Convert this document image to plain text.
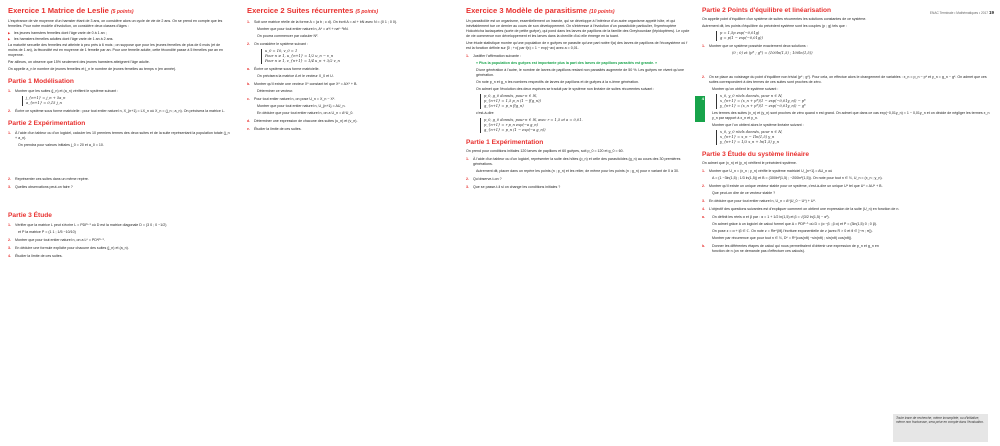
ENAC Terminale • Mathématiques • 2017 19
Exercice 1 Matrice de Leslie (5 points)

L'espérance de vie moyenne d'un hamster étant de 3 ans, on considère alors un cycle de vie de 2 ans. On se prend en compte que les femelles. Pour notre modèle d'évolution, on considère deux classes d'âges :

▶ les jeunes hamsters femelles dont l'âge varie de 0 à 1 an ;

▶ les hamsters femelles adultes dont l'âge varie de 1 an à 2 ans.

La maturité sexuelle des femelles est atteinte à peu près à 6 mois ; on suppose que pour les jeunes femelles de plus de 6 mois (et de moins de 1 an), la fécondité est en moyenne de 1 femelle par an. Pour une femelle adulte, cette fécondité passe à 5 femelles par an en moyenne.

Par ailleurs, on observe que 15% seulement des jeunes hamsters atteignent l'âge adulte.

On appelle a_n le nombre de jeunes femelles et j_n le nombre de jeunes femelles au temps n (en année).

Partie 1 Modélisation
1. Montrer que les suites (j_n) et (a_n) vérifient le système suivant :
j_{n+1} = j_n + 5a_n
a_{n+1} = 0,15 j_n
2. Écrire ce système sous forme matricielle : pour tout entier naturel n, X_{n+1} = LX_n où X_n = (j_n ; a_n). On précisera la matrice L.
Partie 2 Expérimentation
1. À l'aide d'un tableur ou d'un logiciel, calculer les 10 premiers termes des deux suites et de la suite représentant la population totale (j_n + a_n).

On prendra pour valeurs initiales j_0 = 20 et a_0 = 10.

2. Représenter ces suites dans un même repère.
3. Quelles observations peut-on faire ?
Partie 3 Étude
1. Vérifier que la matrice L peut s'écrire L = PDP⁻¹ où D est la matrice diagonale D = (3 0 ; 0 −1/2)

et P la matrice P = (1 1 ; 1/5 −10/10)

2. Montrer que pour tout entier naturel n, on a Lⁿ = PDⁿP⁻¹.
3. En déduire une formule explicite pour chacune des suites (j_n) et (a_n).
4. Étudier la limite de ces suites.
Exercice 2 Suites récurrentes (5 points)
1. Soit une matrice réelle de la forme A = (a b ; c d). On écrit A = aI + bN avec N = (0 1 ; 0 0).

Montrer que pour tout entier naturel n, Aⁿ = aⁿI + naⁿ⁻¹bN.

On pourra commencer par calculer N².

2. On considère le système suivant :
u_0 = 10, v_0 = 1
Pour n ≥ 1, u_{n+1} = 1/2 u_n − v_n
Pour n ≥ 1, v_{n+1} = 1/4 u_n + 3/2 v_n
a. Écrire ce système sous forme matricielle.

On précisera la matrice A et le vecteur X_0 et U.

b. Montrer qu'il existe une vecteur X* constant tel que X* = AX* + B.

Déterminer ce vecteur.

c. Pour tout entier naturel n, on pose U_n = X_n − X*.

Montrer que pour tout entier naturel n, U_{n+1} = AU_n.

En déduire que pour tout entier naturel n, on a U_n = AⁿU_0.

d. Déterminer une expression de chacune des suites (u_n) et (v_n).
e. Étudier la limite de ces suites.
Exercice 3 Modèle de parasitisme (10 points)

Un parasitoïde est un organisme, essentiellement un insecte, qui se développe à l'intérieur d'un autre organisme appelé hôte, et qui inévitablement tue ce dernier au cours de son développement. On s'intéresse à l'évolution d'un parasitoïde particulier, l'hyménoptère Holcotricha lactaquetes (sorte de petite guêpe), qui pond dans les larves de papillons de la famille des Greyhoundae (lépidoptères). Le cycle de vie commence non développement et les larves dans la chenille d'où elle émerge en la tuant.

Une étude statistique montre qu'une population de n guêpes ne parasite qu'une part notée f(a) des larves de papillons de l'écosystème où f est la fonction définie sur [0 ; +∞[ par f(x) = 1 − exp(−ax) avec a = 0,01.

1. Justifier l'affirmation suivante :

« Plus la population des guêpes est importante plus la part des larves de papillons parasités est grande. »

D'une génération à l'autre, le nombre de larves de papillons restant non parasités augmente de 50 %. Les guêpes ne vivent qu'une génération.

On note p_n et g_n les nombres respectifs de larves de papillons et de guêpes à la n-ième génération.

On admet que l'évolution des deux espèces se traduit par le système non linéaire de suites récurrentes suivant :

p_0, g_0 donnés, pour n ∈ ℕ,
p_{n+1} = 1,5 p_n (1 − f(g_n))
g_{n+1} = p_n f(g_n)

c'est-à-dire

p_0, g_0 donnés, pour n ∈ ℕ, avec r = 1,5 et a = 0,01.
p_{n+1} = r p_n exp(−a g_n)
g_{n+1} = p_n (1 − exp(−a g_n))
Partie 1 Expérimentation

On prend pour conditions initiales 120 larves de papillons et 60 guêpes, soit p_0 = 120 et g_0 = 60.

1. À l'aide d'un tableur ou d'un logiciel, représenter la suite des hôtes (p_n) et celle des parasitoïdes (g_n) au cours des 30 premières générations.

Autrement dit, placer dans un repère les points (n ; p_n) et les relier, de même pour les points (n ; g_n) pour n variant de 0 à 30.

2. Qu'observe-t-on ?
3. Que se passe-t-il si on change les conditions initiales ?
4
Partie 2 Points d'équilibre et linéarisation

On appelle point d'équilibre d'un système de suites récurrentes les solutions constantes de ce système.

Autrement dit, les points d'équilibre du précédent système sont les couples (p ; g) tels que :

p = 1,5p exp(−0,01g)
g = p(1 − exp(−0,01g))
1. Montrer que ce système possède exactement deux solutions :

(0 ; 0) et (p* ; g*) = (100ln(1,5) ; 100ln(1,5))

2. On se place au voisinage du point d'équilibre non trivial (p* ; g*). Pour cela, on effectue alors le changement de variables : x_n = p_n − p* et y_n = g_n − g*. On admet que ces suites correspondent à des termes de ces suites sont proches de zéro.

Montrer qu'on obtient le système suivant :

x_0, y_0 réels donnés, pour n ∈ ℕ,
x_{n+1} = (x_n + p*)(1 − exp(−0,01y_n)) − p*
y_{n+1} = (x_n + p*)(1 − exp(−0,01y_n)) − g*

Les termes des suites (x_n) et (y_n) sont proches de zéro quand n est grand. On admet que dans ce cas exp(−0,01y_n) ≈ 1 − 0,01y_n et on décide de négliger les termes x_n y_n par rapport à x_n et y_n.

Montrer que l'on obtient alors le système linéaire suivant :

x_0, y_0 réels donnés, pour n ∈ ℕ,
x_{n+1} = x_n − 1ln(1,5) y_n
y_{n+1} = 1/3 x_n + ln(1,5) y_n
Partie 3 Étude du système linéaire

On admet que (x_n) et (y_n) vérifient le précédent système.

1. Montrer que U_n = (x_n ; y_n) vérifie le système matriciel U_{n+1} = AU_n où

A = (1 −3ln(1,5) ; 1/3 ln(1,5)) et B = (300ln²(1,5) ; −200ln²(1,5)). On note pour tout n ∈ ℕ, U_n = (x_n ; y_n).

2. Montrer qu'il existe un unique vecteur stable pour ce système, c'est-à-dire un unique U* tel que U* = AU* + B.

Que peut-on dire de ce vecteur stable ?

3. En déduire que pour tout entier naturel n, U_n = Aⁿ(U_0 − U*) + U*.
4. L'objectif des questions suivantes est d'expliquer comment on obtient une expression de la suite (U_n) en fonction de n.
a. On définit les réels α et β par : α = 1 + 1/2 ln(1,5) et β = √(3/2 ln(1,5) − α²).

On admet grâce à un logiciel de calcul formel que A = PDP⁻¹ où D = (α −β ; β α) et P = (3ln(1,5) 0 ; 0 β).

On pose z = α + iβ ∈ ℂ. On note z = Re^{iθ} l'écriture exponentielle de z (avec R > 0 et θ ∈ ]−π ; π]).

Montrer par récurrence que pour tout n ∈ ℕ, Dⁿ = Rⁿ(cos(nθ) −sin(nθ) ; sin(nθ) cos(nθ)).

b. Donner les différentes étapes de calcul qui nous permettraient d'obtenir une expression de p_n et g_n en fonction de n (on ne demande pas d'effectuer ces calculs).
Toute trace de recherche, même incomplète, ou d'initiative, même non fructueuse, sera prise en compte dans l'évaluation.
